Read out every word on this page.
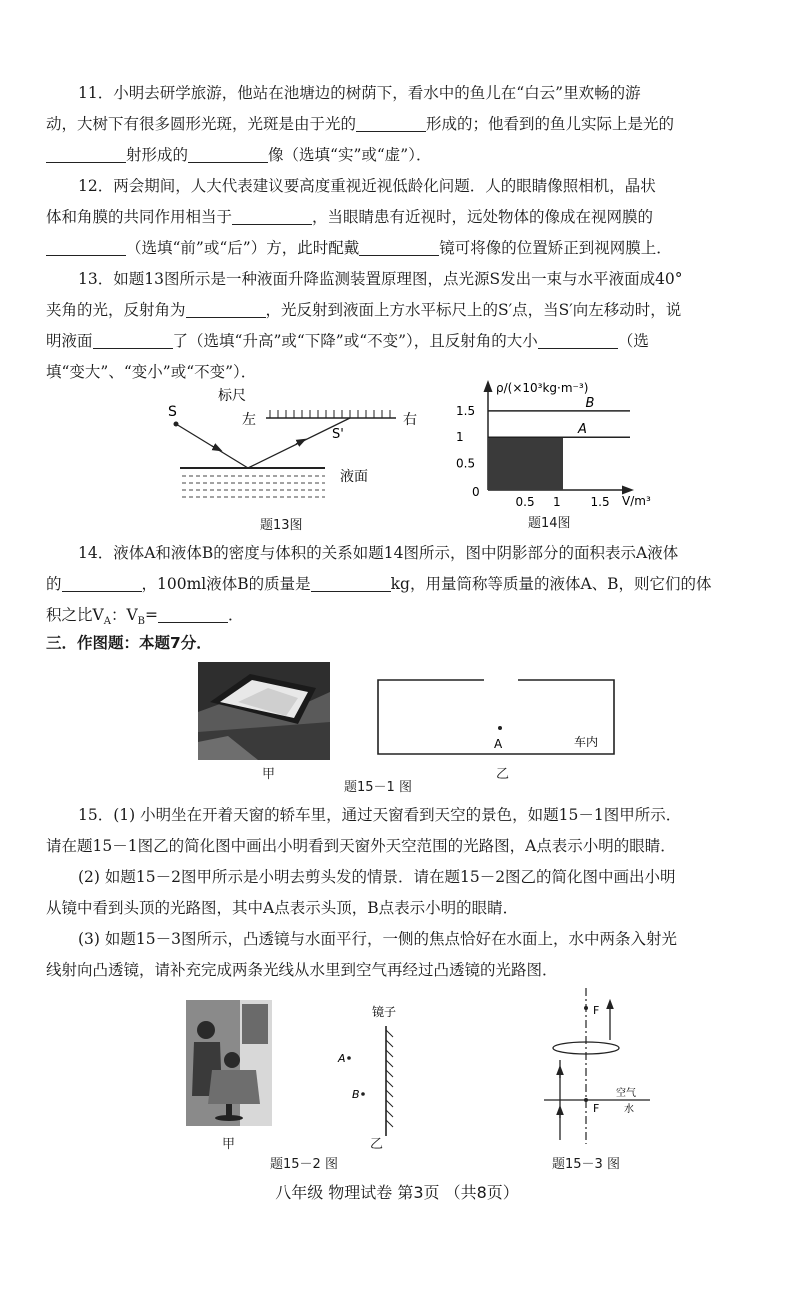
11．小明去研学旅游，他站在池塘边的树荫下，看水中的鱼儿在“白云”里欢畅的游
动，大树下有很多圆形光斑，光斑是由于光的	形成的；他看到的鱼儿实际上是光的
射形成的	像（选填“实”或“虚”）．
12．两会期间，人大代表建议要高度重视近视低龄化问题．人的眼睛像照相机，晶状
体和角膜的共同作用相当于	，当眼睛患有近视时，远处物体的像成在视网膜的
（选填“前”或“后”）方，此时配戴	镜可将像的位置矫正到视网膜上．
13．如题13图所示是一种液面升降监测装置原理图，点光源S发出一束与水平液面成40°
夹角的光，反射角为	，光反射到液面上方水平标尺上的S′点，当S′向左移动时，说
明液面	了（选填“升高”或“下降”或“不变”），且反射角的大小	（选
填“变大”、“变小”或“不变”）．
标尺
左	右
S
S'
液面
题13图
ρ/(×10³kg·m⁻³)
V/m³
B
A
0
1.5
1
0.5
0.5 1 1.5
题14图
14．液体A和液体B的密度与体积的关系如题14图所示，图中阴影部分的面积表示A液体
的	，100ml液体B的质量是	kg，用量筒称等质量的液体A、B，则它们的体
积之比$V_A$：$V_B=$	．
三．作图题：本题7分．
A	车内
甲	乙
题15－1 图
15．(1) 小明坐在开着天窗的轿车里，通过天窗看到天空的景色，如题15－1图甲所示．
请在题15－1图乙的简化图中画出小明看到天窗外天空范围的光路图，A点表示小明的眼睛．
(2) 如题15－2图甲所示是小明去剪头发的情景．请在题15－2图乙的简化图中画出小明
从镜中看到头顶的光路图，其中A点表示头顶，B点表示小明的眼睛．
(3) 如题15－3图所示，凸透镜与水面平行，一侧的焦点恰好在水面上，水中两条入射光
线射向凸透镜，请补充完成两条光线从水里到空气再经过凸透镜的光路图．
镜子
A
B
甲	乙
题15－2 图
F
F
空气
水
题15－3 图
八年级 物理试卷 第3页 （共8页）
